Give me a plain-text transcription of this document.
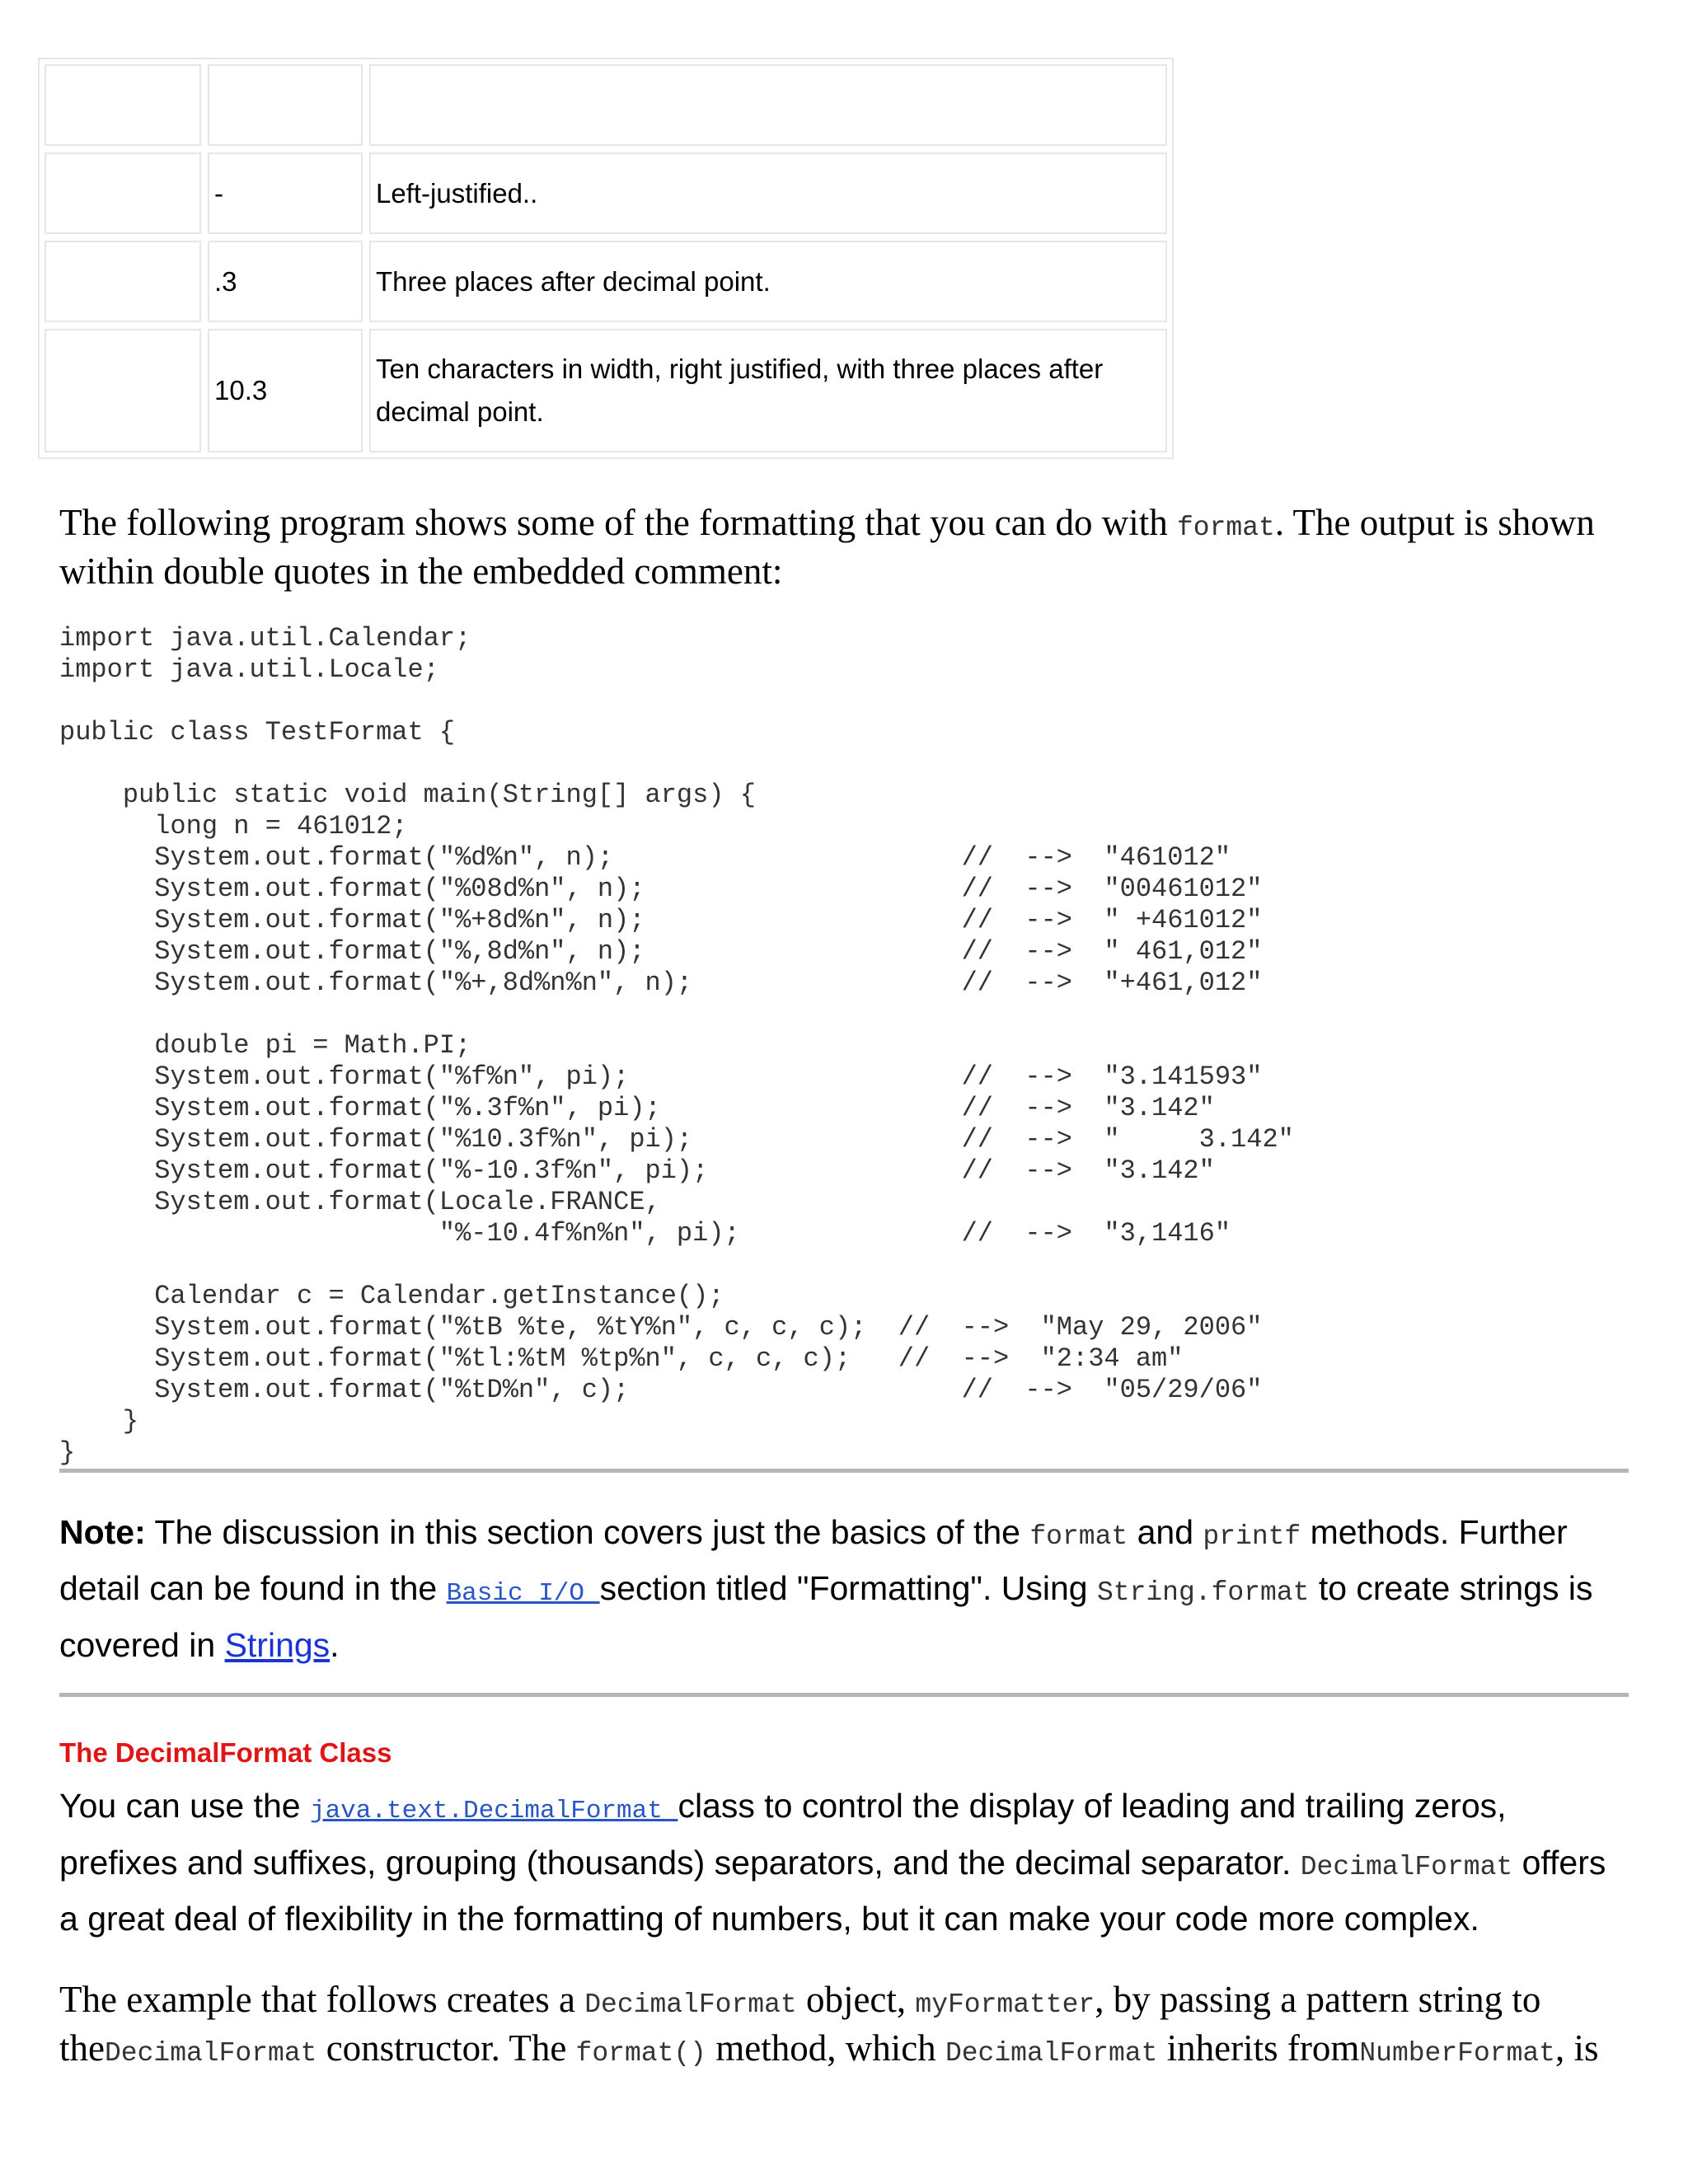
	-	Left-justified..
	.3	Three places after decimal point.
	10.3	Ten characters in width, right justified, with three places after decimal point.
The following program shows some of the formatting that you can do with format. The output is shown within double quotes in the embedded comment:
import java.util.Calendar;
import java.util.Locale;

public class TestFormat {

public static void main(String[] args) {
long n = 461012;
System.out.format("%d%n", n);                      //  -->  "461012"
System.out.format("%08d%n", n);                    //  -->  "00461012"
System.out.format("%+8d%n", n);                    //  -->  " +461012"
System.out.format("%,8d%n", n);                    //  -->  " 461,012"
System.out.format("%+,8d%n%n", n);                 //  -->  "+461,012"

double pi = Math.PI;
System.out.format("%f%n", pi);                     //  -->  "3.141593"
System.out.format("%.3f%n", pi);                   //  -->  "3.142"
System.out.format("%10.3f%n", pi);                 //  -->  "     3.142"
System.out.format("%-10.3f%n", pi);                //  -->  "3.142"
System.out.format(Locale.FRANCE,
"%-10.4f%n%n", pi);              //  -->  "3,1416"

Calendar c = Calendar.getInstance();
System.out.format("%tB %te, %tY%n", c, c, c);  //  -->  "May 29, 2006"
System.out.format("%tl:%tM %tp%n", c, c, c);   //  -->  "2:34 am"
System.out.format("%tD%n", c);                     //  -->  "05/29/06"
}
}
Note: The discussion in this section covers just the basics of the format and printf methods. Further detail can be found in the Basic I/O section titled "Formatting". Using String.format to create strings is covered in Strings.
The DecimalFormat Class
You can use the java.text.DecimalFormat class to control the display of leading and trailing zeros, prefixes and suffixes, grouping (thousands) separators, and the decimal separator. DecimalFormat offers a great deal of flexibility in the formatting of numbers, but it can make your code more complex.
The example that follows creates a DecimalFormat object, myFormatter, by passing a pattern string to theDecimalFormat constructor. The format() method, which DecimalFormat inherits fromNumberFormat, is
